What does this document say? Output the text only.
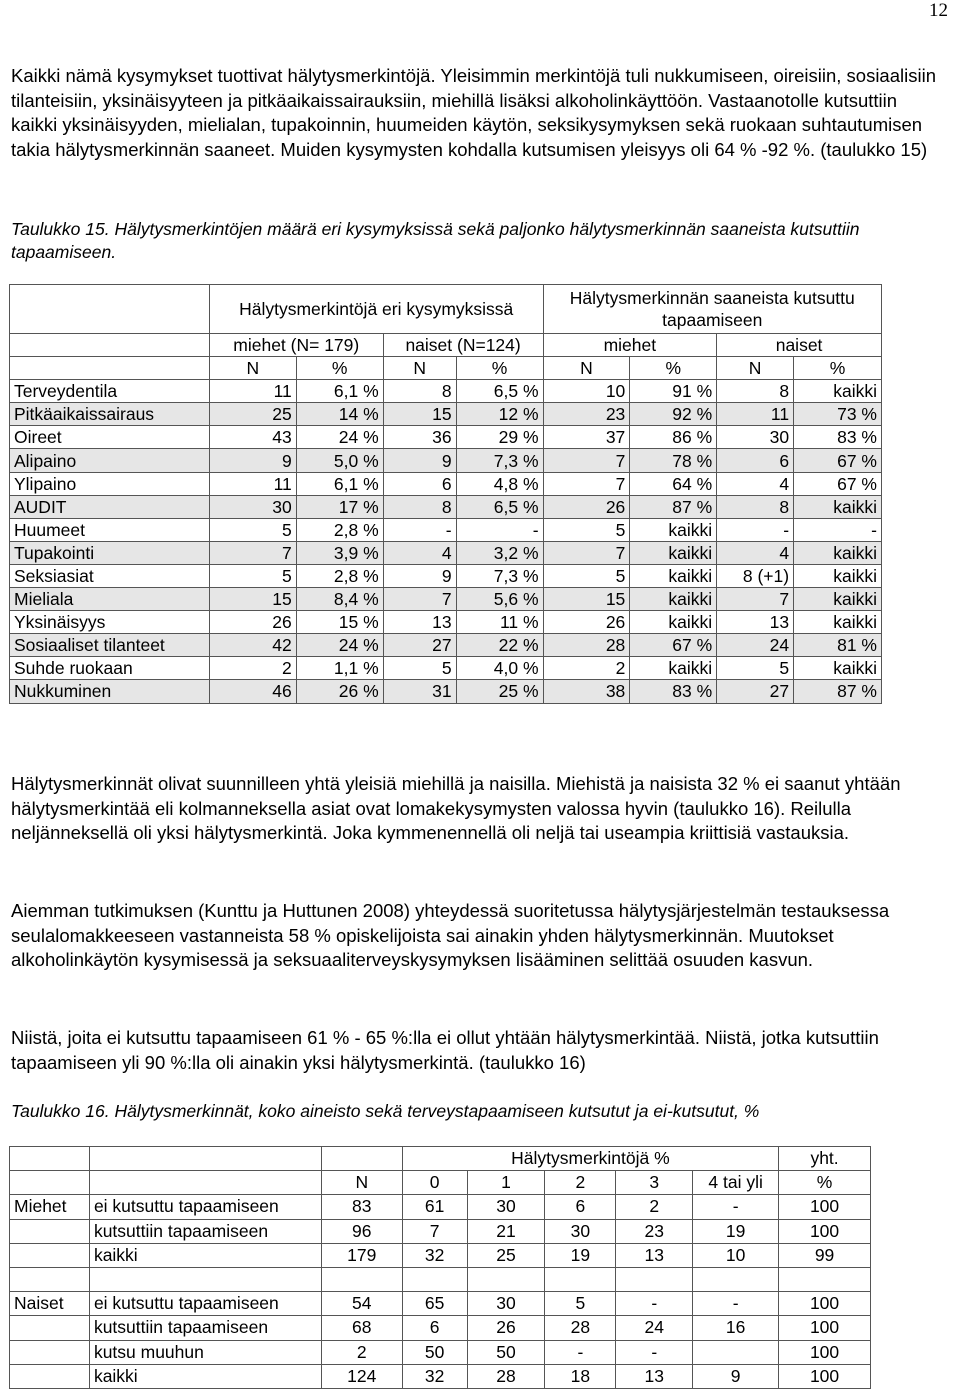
12

Kaikki nämä kysymykset tuottivat hälytysmerkintöjä. Yleisimmin merkintöjä tuli nukkumiseen, oireisiin, sosiaalisiin tilanteisiin, yksinäisyyteen ja pitkäaikaissairauksiin, miehillä lisäksi alkoholinkäyttöön. Vastaanotolle kutsuttiin kaikki yksinäisyyden, mielialan, tupakoinnin, huumeiden käytön, seksikysymyksen sekä ruokaan suhtautumisen takia hälytysmerkinnän saaneet. Muiden kysymysten kohdalla kutsumisen yleisyys oli 64 % -92 %. (taulukko 15)

Taulukko 15. Hälytysmerkintöjen määrä eri kysymyksissä sekä paljonko hälytysmerkinnän saaneista kutsuttiin tapaamiseen.

	Hälytysmerkintöjä eri kysymyksissä				Hälytysmerkinnän saaneista kutsuttu tapaamiseen			
	miehet (N= 179)		naiset (N=124)		miehet		naiset	
	N	%	N	%	N	%	N	%
Terveydentila	11	6,1 %	8	6,5 %	10	91 %	8	kaikki
Pitkäaikaissairaus	25	14 %	15	12 %	23	92 %	11	73 %
Oireet	43	24 %	36	29 %	37	86 %	30	83 %
Alipaino	9	5,0 %	9	7,3 %	7	78 %	6	67 %
Ylipaino	11	6,1 %	6	4,8 %	7	64 %	4	67 %
AUDIT	30	17 %	8	6,5 %	26	87 %	8	kaikki
Huumeet	5	2,8 %	-	-	5	kaikki	-	-
Tupakointi	7	3,9 %	4	3,2 %	7	kaikki	4	kaikki
Seksiasiat	5	2,8 %	9	7,3 %	5	kaikki	8 (+1)	kaikki
Mieliala	15	8,4 %	7	5,6 %	15	kaikki	7	kaikki
Yksinäisyys	26	15 %	13	11 %	26	kaikki	13	kaikki
Sosiaaliset tilanteet	42	24 %	27	22 %	28	67 %	24	81 %
Suhde ruokaan	2	1,1 %	5	4,0 %	2	kaikki	5	kaikki
Nukkuminen	46	26 %	31	25 %	38	83 %	27	87 %

Hälytysmerkinnät olivat suunnilleen yhtä yleisiä miehillä ja naisilla. Miehistä ja naisista 32 % ei saanut yhtään hälytysmerkintää eli kolmanneksella asiat ovat lomakekysymysten valossa hyvin (taulukko 16). Reilulla neljänneksellä oli yksi hälytysmerkintä. Joka kymmenennellä oli neljä tai useampia kriittisiä vastauksia.

Aiemman tutkimuksen (Kunttu ja Huttunen 2008) yhteydessä suoritetussa hälytysjärjestelmän testauksessa seulalomakkeeseen vastanneista 58 % opiskelijoista sai ainakin yhden hälytysmerkinnän. Muutokset alkoholinkäytön kysymisessä ja seksuaaliterveyskysymyksen lisääminen selittää osuuden kasvun.

Niistä, joita ei kutsuttu tapaamiseen 61 % - 65 %:lla ei ollut yhtään hälytysmerkintää. Niistä, jotka kutsuttiin tapaamiseen yli 90 %:lla oli ainakin yksi hälytysmerkintä. (taulukko 16)

Taulukko 16. Hälytysmerkinnät, koko aineisto sekä terveystapaamiseen kutsutut ja ei-kutsutut, %

			Hälytysmerkintöjä %					yht.
		N	0	1	2	3	4 tai yli	%
Miehet	ei kutsuttu tapaamiseen	83	61	30	6	2	-	100
	kutsuttiin tapaamiseen	96	7	21	30	23	19	100
	kaikki	179	32	25	19	13	10	99

Naiset	ei kutsuttu tapaamiseen	54	65	30	5	-	-	100
	kutsuttiin tapaamiseen	68	6	26	28	24	16	100
	kutsu muuhun	2	50	50	-	-		100
	kaikki	124	32	28	18	13	9	100
